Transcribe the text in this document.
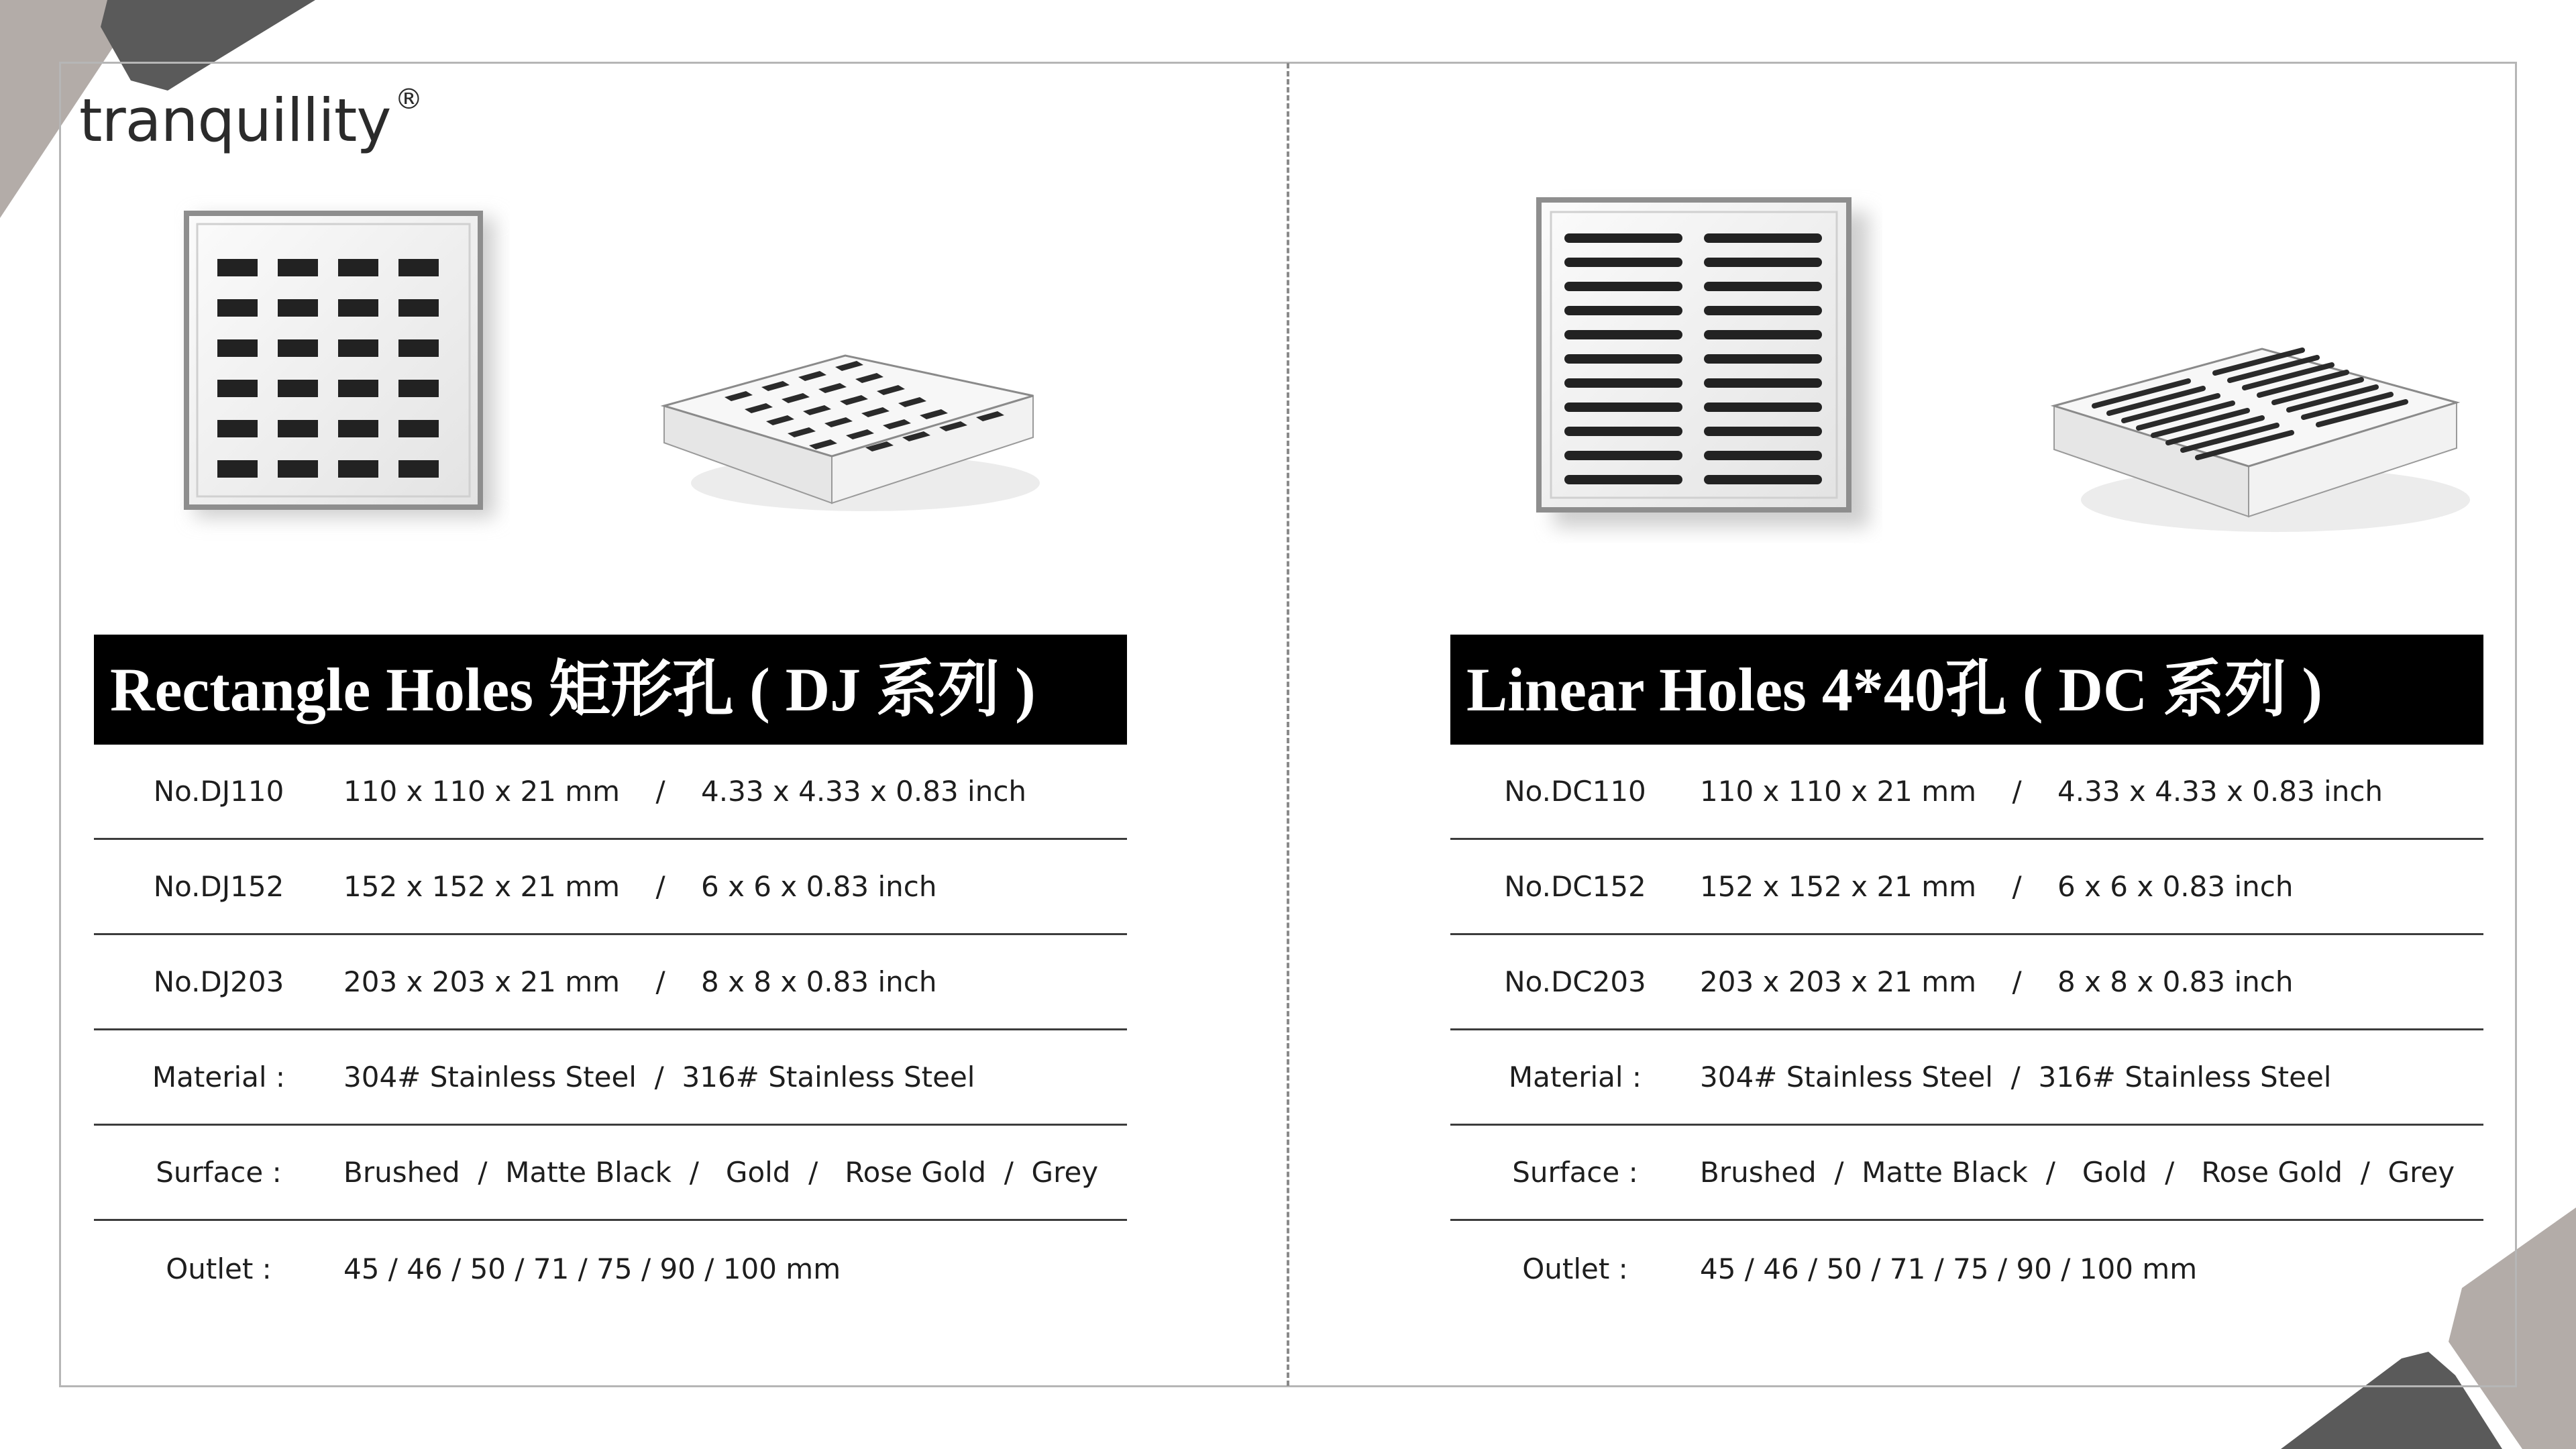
tranquillity ®
Rectangle Holes 矩形孔 ( DJ 系列 )
No.DJ110	110 x 110 x 21 mm    /    4.33 x 4.33 x 0.83 inch
No.DJ152	152 x 152 x 21 mm    /    6 x 6 x 0.83 inch
No.DJ203	203 x 203 x 21 mm    /    8 x 8 x 0.83 inch
Material :	304# Stainless Steel  /  316# Stainless Steel
Surface :	Brushed  /  Matte Black  /   Gold  /   Rose Gold  /  Grey
Outlet :	45 / 46 / 50 / 71 / 75 / 90 / 100 mm
Linear Holes 4*40孔 ( DC 系列 )
No.DC110	110 x 110 x 21 mm    /    4.33 x 4.33 x 0.83 inch
No.DC152	152 x 152 x 21 mm    /    6 x 6 x 0.83 inch
No.DC203	203 x 203 x 21 mm    /    8 x 8 x 0.83 inch
Material :	304# Stainless Steel  /  316# Stainless Steel
Surface :	Brushed  /  Matte Black  /   Gold  /   Rose Gold  /  Grey
Outlet :	45 / 46 / 50 / 71 / 75 / 90 / 100 mm
